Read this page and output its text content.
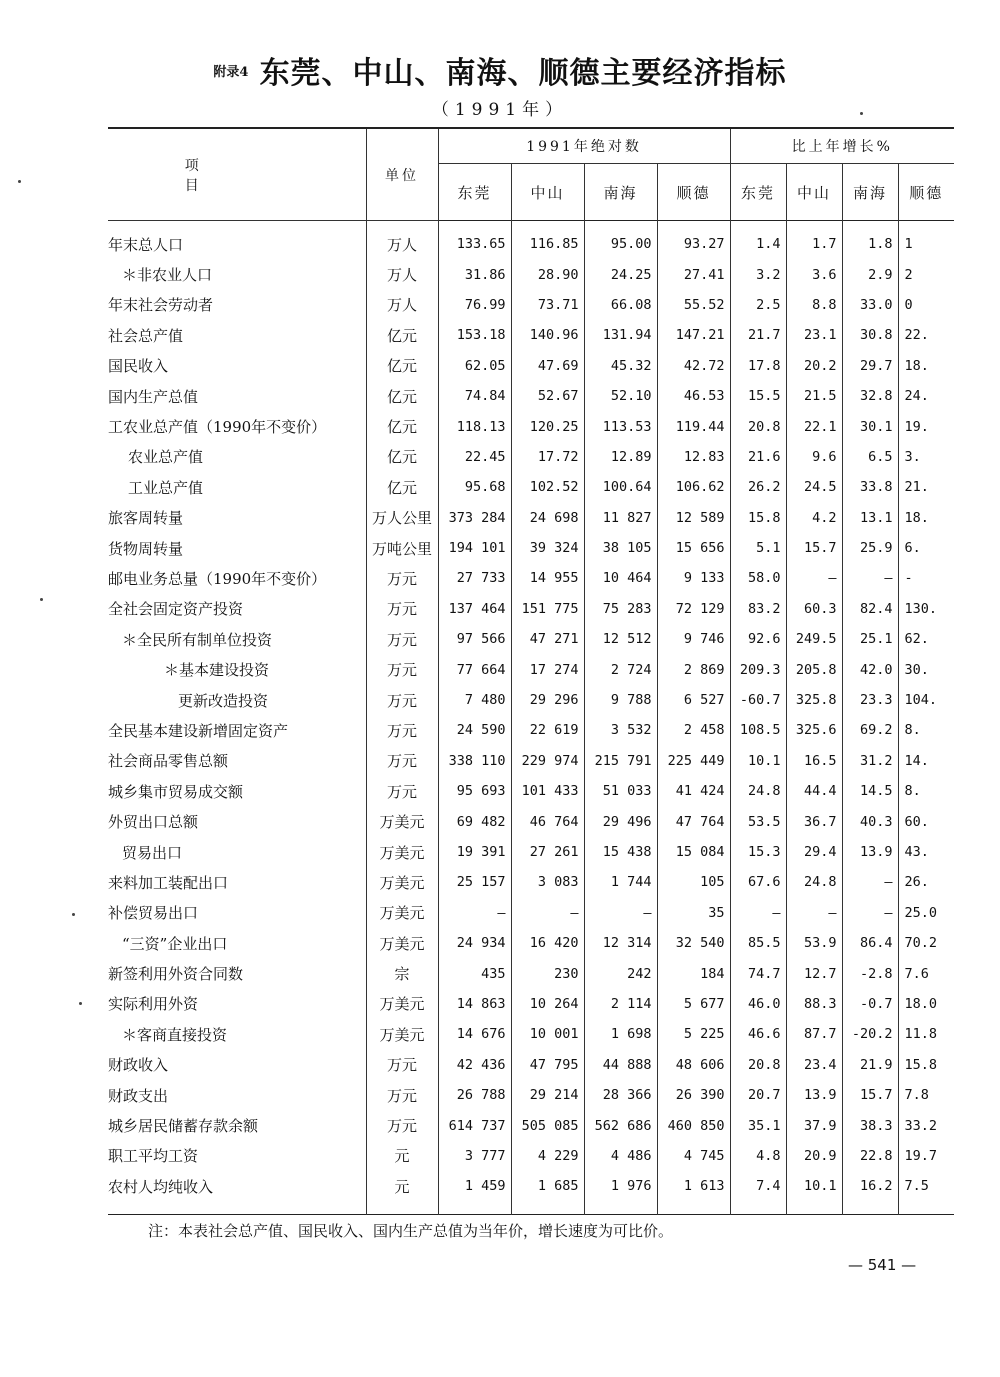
附录4 东莞、中山、南海、顺德主要经济指标
（1991年）
项　目	单位	1991年绝对数				比上年增长%			
		东莞	中山	南海	顺德	东莞	中山	南海	顺德
年末总人口	万人	133.65	116.85	95.00	93.27	1.4	1.7	1.8	1
＊非农业人口	万人	31.86	28.90	24.25	27.41	3.2	3.6	2.9	2
年末社会劳动者	万人	76.99	73.71	66.08	55.52	2.5	8.8	33.0	0
社会总产值	亿元	153.18	140.96	131.94	147.21	21.7	23.1	30.8	22.
国民收入	亿元	62.05	47.69	45.32	42.72	17.8	20.2	29.7	18.
国内生产总值	亿元	74.84	52.67	52.10	46.53	15.5	21.5	32.8	24.
工农业总产值（1990年不变价）	亿元	118.13	120.25	113.53	119.44	20.8	22.1	30.1	19.
农业总产值	亿元	22.45	17.72	12.89	12.83	21.6	9.6	6.5	3.
工业总产值	亿元	95.68	102.52	100.64	106.62	26.2	24.5	33.8	21.
旅客周转量	万人公里	373 284	24 698	11 827	12 589	15.8	4.2	13.1	18.
货物周转量	万吨公里	194 101	39 324	38 105	15 656	5.1	15.7	25.9	6.
邮电业务总量（1990年不变价）	万元	27 733	14 955	10 464	9 133	58.0	—	—	-
全社会固定资产投资	万元	137 464	151 775	75 283	72 129	83.2	60.3	82.4	130.
＊全民所有制单位投资	万元	97 566	47 271	12 512	9 746	92.6	249.5	25.1	62.
＊基本建设投资	万元	77 664	17 274	2 724	2 869	209.3	205.8	42.0	30.
更新改造投资	万元	7 480	29 296	9 788	6 527	-60.7	325.8	23.3	104.
全民基本建设新增固定资产	万元	24 590	22 619	3 532	2 458	108.5	325.6	69.2	8.
社会商品零售总额	万元	338 110	229 974	215 791	225 449	10.1	16.5	31.2	14.
城乡集市贸易成交额	万元	95 693	101 433	51 033	41 424	24.8	44.4	14.5	8.
外贸出口总额	万美元	69 482	46 764	29 496	47 764	53.5	36.7	40.3	60.
贸易出口	万美元	19 391	27 261	15 438	15 084	15.3	29.4	13.9	43.
来料加工装配出口	万美元	25 157	3 083	1 744	105	67.6	24.8	—	26.
补偿贸易出口	万美元	—	—	—	35	—	—	—	25.0
“三资”企业出口	万美元	24 934	16 420	12 314	32 540	85.5	53.9	86.4	70.2
新签利用外资合同数	宗	435	230	242	184	74.7	12.7	-2.8	7.6
实际利用外资	万美元	14 863	10 264	2 114	5 677	46.0	88.3	-0.7	18.0
＊客商直接投资	万美元	14 676	10 001	1 698	5 225	46.6	87.7	-20.2	11.8
财政收入	万元	42 436	47 795	44 888	48 606	20.8	23.4	21.9	15.8
财政支出	万元	26 788	29 214	28 366	26 390	20.7	13.9	15.7	7.8
城乡居民储蓄存款余额	万元	614 737	505 085	562 686	460 850	35.1	37.9	38.3	33.2
职工平均工资	元	3 777	4 229	4 486	4 745	4.8	20.9	22.8	19.7
农村人均纯收入	元	1 459	1 685	1 976	1 613	7.4	10.1	16.2	7.5
注：本表社会总产值、国民收入、国内生产总值为当年价，增长速度为可比价。
— 541 —
